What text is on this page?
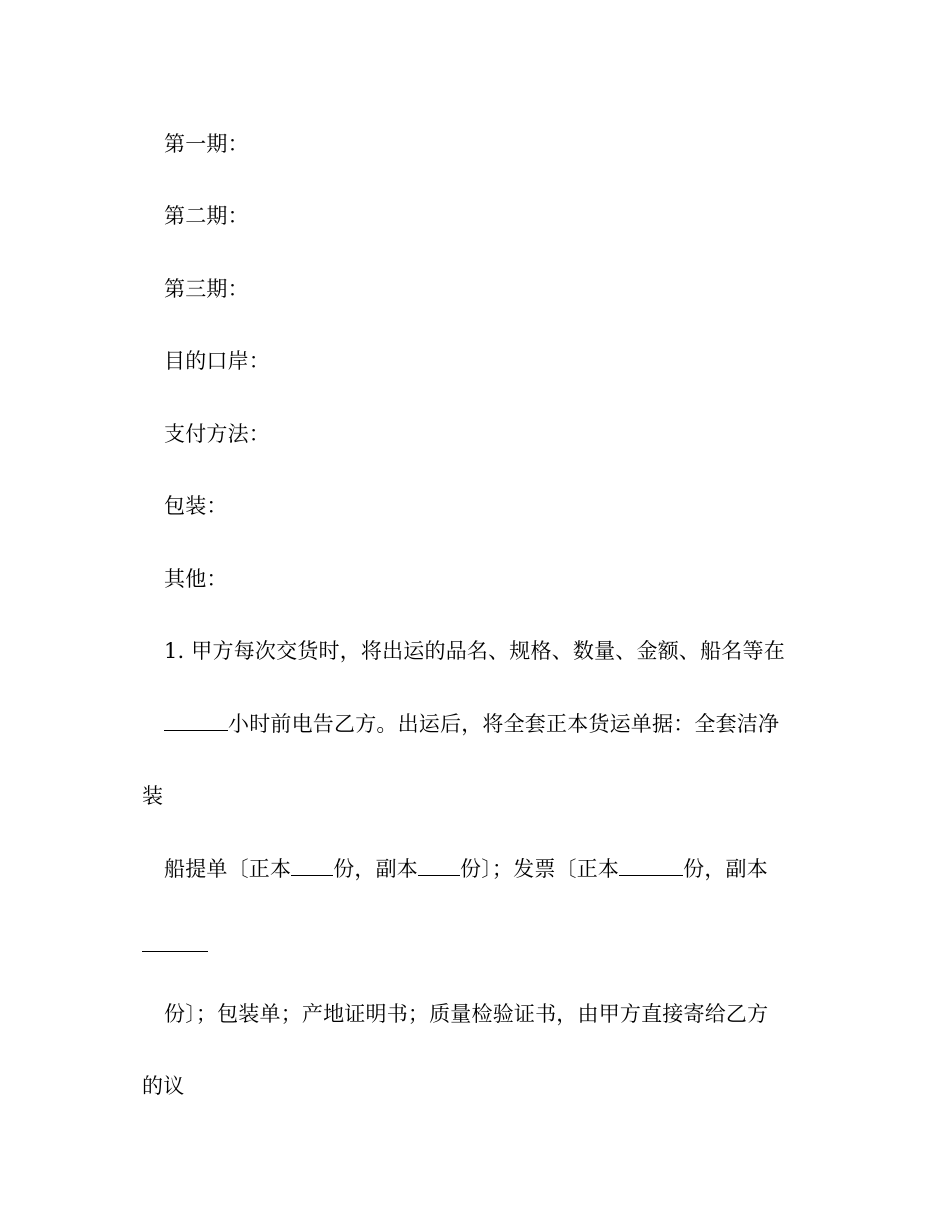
第一期：
第二期：
第三期：
目的口岸：
支付方法：
包装：
其他：
1. 甲方每次交货时，将出运的品名、规格、数量、金额、船名等在
小时前电告乙方。出运后，将全套正本货运单据：全套洁净
装
船提单〔正本 份，副本 份〕；发票〔正本	份，副本
份〕；包装单；产地证明书；质量检验证书，由甲方直接寄给乙方
的议
